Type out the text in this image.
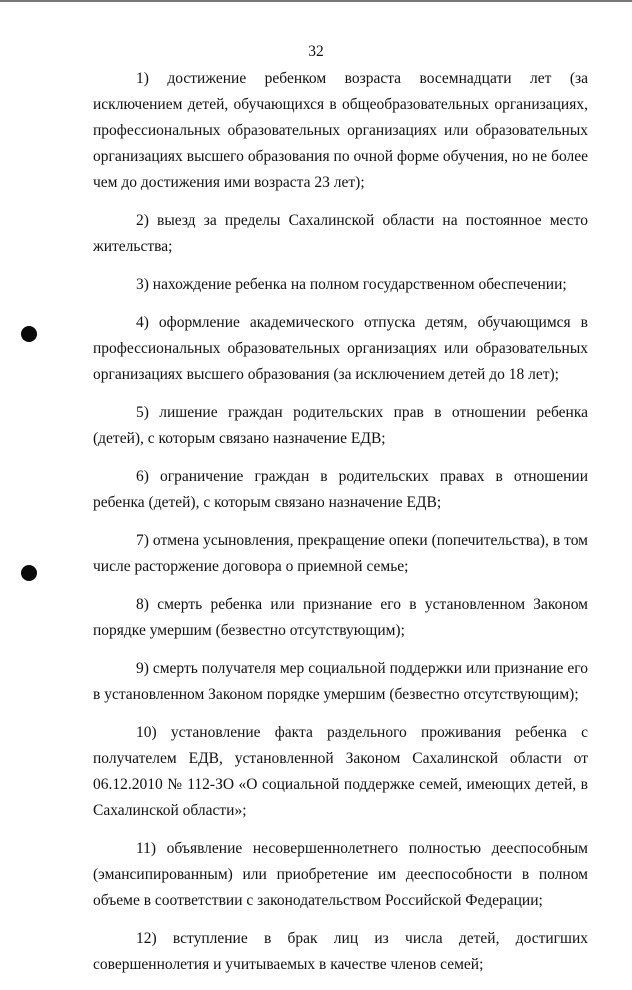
32

1) достижение ребенком возраста восемнадцати лет (за исключением детей, обучающихся в общеобразовательных организациях, профессиональных образовательных организациях или образовательных организациях высшего образования по очной форме обучения, но не более чем до достижения ими возраста 23 лет);

2) выезд за пределы Сахалинской области на постоянное место жительства;

3) нахождение ребенка на полном государственном обеспечении;

4) оформление академического отпуска детям, обучающимся в профессиональных образовательных организациях или образовательных организациях высшего образования (за исключением детей до 18 лет);

5) лишение граждан родительских прав в отношении ребенка (детей), с которым связано назначение ЕДВ;

6) ограничение граждан в родительских правах в отношении ребенка (детей), с которым связано назначение ЕДВ;

7) отмена усыновления, прекращение опеки (попечительства), в том числе расторжение договора о приемной семье;

8) смерть ребенка или признание его в установленном Законом порядке умершим (безвестно отсутствующим);

9) смерть получателя мер социальной поддержки или признание его в установленном Законом порядке умершим (безвестно отсутствующим);

10) установление факта раздельного проживания ребенка с получателем ЕДВ, установленной Законом Сахалинской области от 06.12.2010 № 112-ЗО «О социальной поддержке семей, имеющих детей, в Сахалинской области»;

11) объявление несовершеннолетнего полностью дееспособным (эмансипированным) или приобретение им дееспособности в полном объеме в соответствии с законодательством Российской Федерации;

12) вступление в брак лиц из числа детей, достигших совершеннолетия и учитываемых в качестве членов семей;
